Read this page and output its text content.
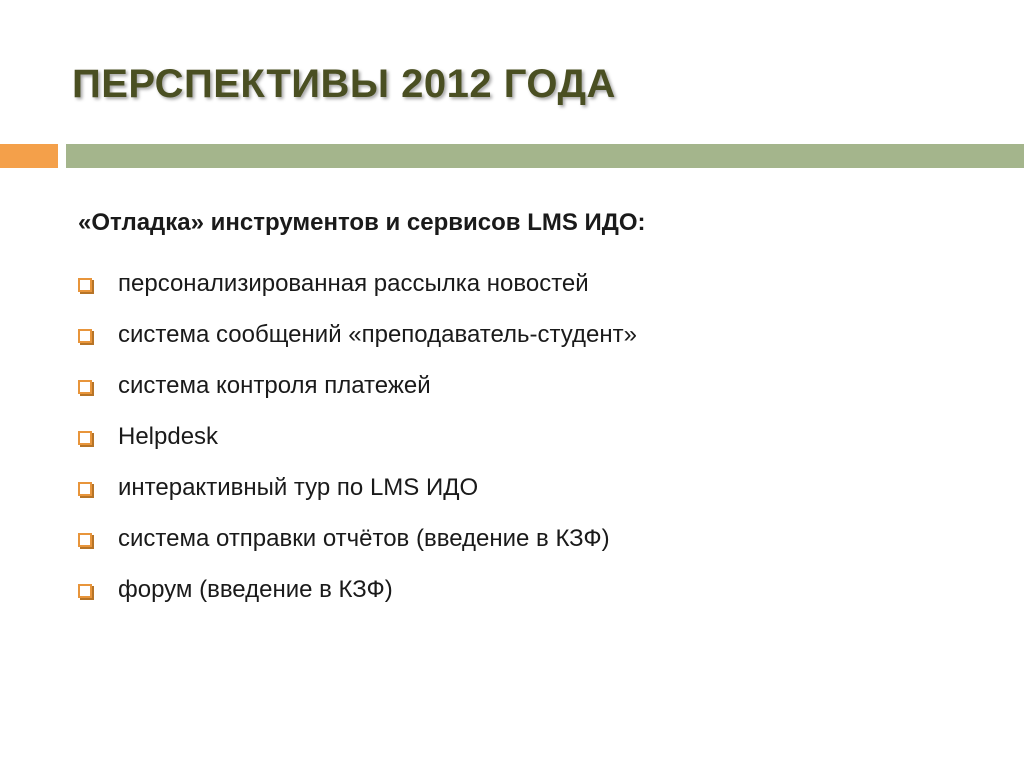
ПЕРСПЕКТИВЫ 2012 ГОДА
«Отладка» инструментов и сервисов LMS ИДО:
персонализированная рассылка новостей
система сообщений «преподаватель-студент»
система контроля платежей
Helpdesk
интерактивный тур по LMS ИДО
система отправки отчётов (введение в КЗФ)
форум (введение в КЗФ)
